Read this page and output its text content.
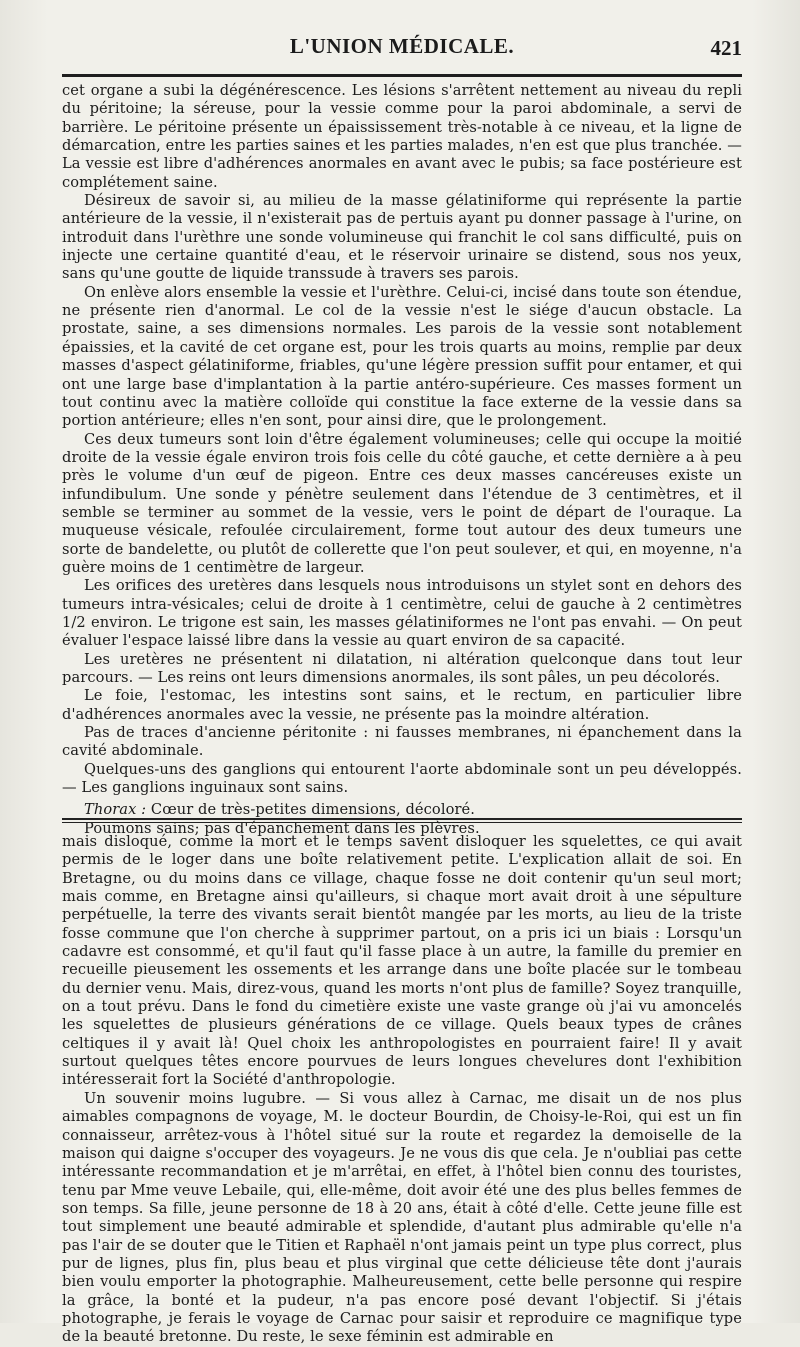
L'UNION MÉDICALE.	421

cet organe a subi la dégénérescence. Les lésions s'arrêtent nettement au niveau du repli du péritoine; la séreuse, pour la vessie comme pour la paroi abdominale, a servi de barrière. Le péritoine présente un épaississement très-notable à ce niveau, et la ligne de démarcation, entre les parties saines et les parties malades, n'en est que plus tranchée. — La vessie est libre d'adhérences anormales en avant avec le pubis; sa face postérieure est complétement saine.

Désireux de savoir si, au milieu de la masse gélatiniforme qui représente la partie antérieure de la vessie, il n'existerait pas de pertuis ayant pu donner passage à l'urine, on introduit dans l'urèthre une sonde volumineuse qui franchit le col sans difficulté, puis on injecte une certaine quantité d'eau, et le réservoir urinaire se distend, sous nos yeux, sans qu'une goutte de liquide transsude à travers ses parois.

On enlève alors ensemble la vessie et l'urèthre. Celui-ci, incisé dans toute son étendue, ne présente rien d'anormal. Le col de la vessie n'est le siége d'aucun obstacle. La prostate, saine, a ses dimensions normales. Les parois de la vessie sont notablement épaissies, et la cavité de cet organe est, pour les trois quarts au moins, remplie par deux masses d'aspect gélatiniforme, friables, qu'une légère pression suffit pour entamer, et qui ont une large base d'implantation à la partie antéro-supérieure. Ces masses forment un tout continu avec la matière colloïde qui constitue la face externe de la vessie dans sa portion antérieure; elles n'en sont, pour ainsi dire, que le prolongement.

Ces deux tumeurs sont loin d'être également volumineuses; celle qui occupe la moitié droite de la vessie égale environ trois fois celle du côté gauche, et cette dernière a à peu près le volume d'un œuf de pigeon. Entre ces deux masses cancéreuses existe un infundibulum. Une sonde y pénètre seulement dans l'étendue de 3 centimètres, et il semble se terminer au sommet de la vessie, vers le point de départ de l'ouraque. La muqueuse vésicale, refoulée circulairement, forme tout autour des deux tumeurs une sorte de bandelette, ou plutôt de collerette que l'on peut soulever, et qui, en moyenne, n'a guère moins de 1 centimètre de largeur.

Les orifices des uretères dans lesquels nous introduisons un stylet sont en dehors des tumeurs intra-vésicales; celui de droite à 1 centimètre, celui de gauche à 2 centimètres 1/2 environ. Le trigone est sain, les masses gélatiniformes ne l'ont pas envahi. — On peut évaluer l'espace laissé libre dans la vessie au quart environ de sa capacité.

Les uretères ne présentent ni dilatation, ni altération quelconque dans tout leur parcours. — Les reins ont leurs dimensions anormales, ils sont pâles, un peu décolorés.

Le foie, l'estomac, les intestins sont sains, et le rectum, en particulier libre d'adhérences anormales avec la vessie, ne présente pas la moindre altération.

Pas de traces d'ancienne péritonite : ni fausses membranes, ni épanchement dans la cavité abdominale.

Quelques-uns des ganglions qui entourent l'aorte abdominale sont un peu développés. — Les ganglions inguinaux sont sains.

Thorax : Cœur de très-petites dimensions, décoloré.

Poumons sains; pas d'épanchement dans les plèvres.

mais disloqué, comme la mort et le temps savent disloquer les squelettes, ce qui avait permis de le loger dans une boîte relativement petite. L'explication allait de soi. En Bretagne, ou du moins dans ce village, chaque fosse ne doit contenir qu'un seul mort; mais comme, en Bretagne ainsi qu'ailleurs, si chaque mort avait droit à une sépulture perpétuelle, la terre des vivants serait bientôt mangée par les morts, au lieu de la triste fosse commune que l'on cherche à supprimer partout, on a pris ici un biais : Lorsqu'un cadavre est consommé, et qu'il faut qu'il fasse place à un autre, la famille du premier en recueille pieusement les ossements et les arrange dans une boîte placée sur le tombeau du dernier venu. Mais, direz-vous, quand les morts n'ont plus de famille? Soyez tranquille, on a tout prévu. Dans le fond du cimetière existe une vaste grange où j'ai vu amoncelés les squelettes de plusieurs générations de ce village. Quels beaux types de crânes celtiques il y avait là! Quel choix les anthropologistes en pourraient faire! Il y avait surtout quelques têtes encore pourvues de leurs longues chevelures dont l'exhibition intéresserait fort la Société d'anthropologie.

Un souvenir moins lugubre. — Si vous allez à Carnac, me disait un de nos plus aimables compagnons de voyage, M. le docteur Bourdin, de Choisy-le-Roi, qui est un fin connaisseur, arrêtez-vous à l'hôtel situé sur la route et regardez la demoiselle de la maison qui daigne s'occuper des voyageurs. Je ne vous dis que cela. Je n'oubliai pas cette intéressante recommandation et je m'arrêtai, en effet, à l'hôtel bien connu des touristes, tenu par Mme veuve Lebaile, qui, elle-même, doit avoir été une des plus belles femmes de son temps. Sa fille, jeune personne de 18 à 20 ans, était à côté d'elle. Cette jeune fille est tout simplement une beauté admirable et splendide, d'autant plus admirable qu'elle n'a pas l'air de se douter que le Titien et Raphaël n'ont jamais peint un type plus correct, plus pur de lignes, plus fin, plus beau et plus virginal que cette délicieuse tête dont j'aurais bien voulu emporter la photographie. Malheureusement, cette belle personne qui respire la grâce, la bonté et la pudeur, n'a pas encore posé devant l'objectif. Si j'étais photographe, je ferais le voyage de Carnac pour saisir et reproduire ce magnifique type de la beauté bretonne. Du reste, le sexe féminin est admirable en
